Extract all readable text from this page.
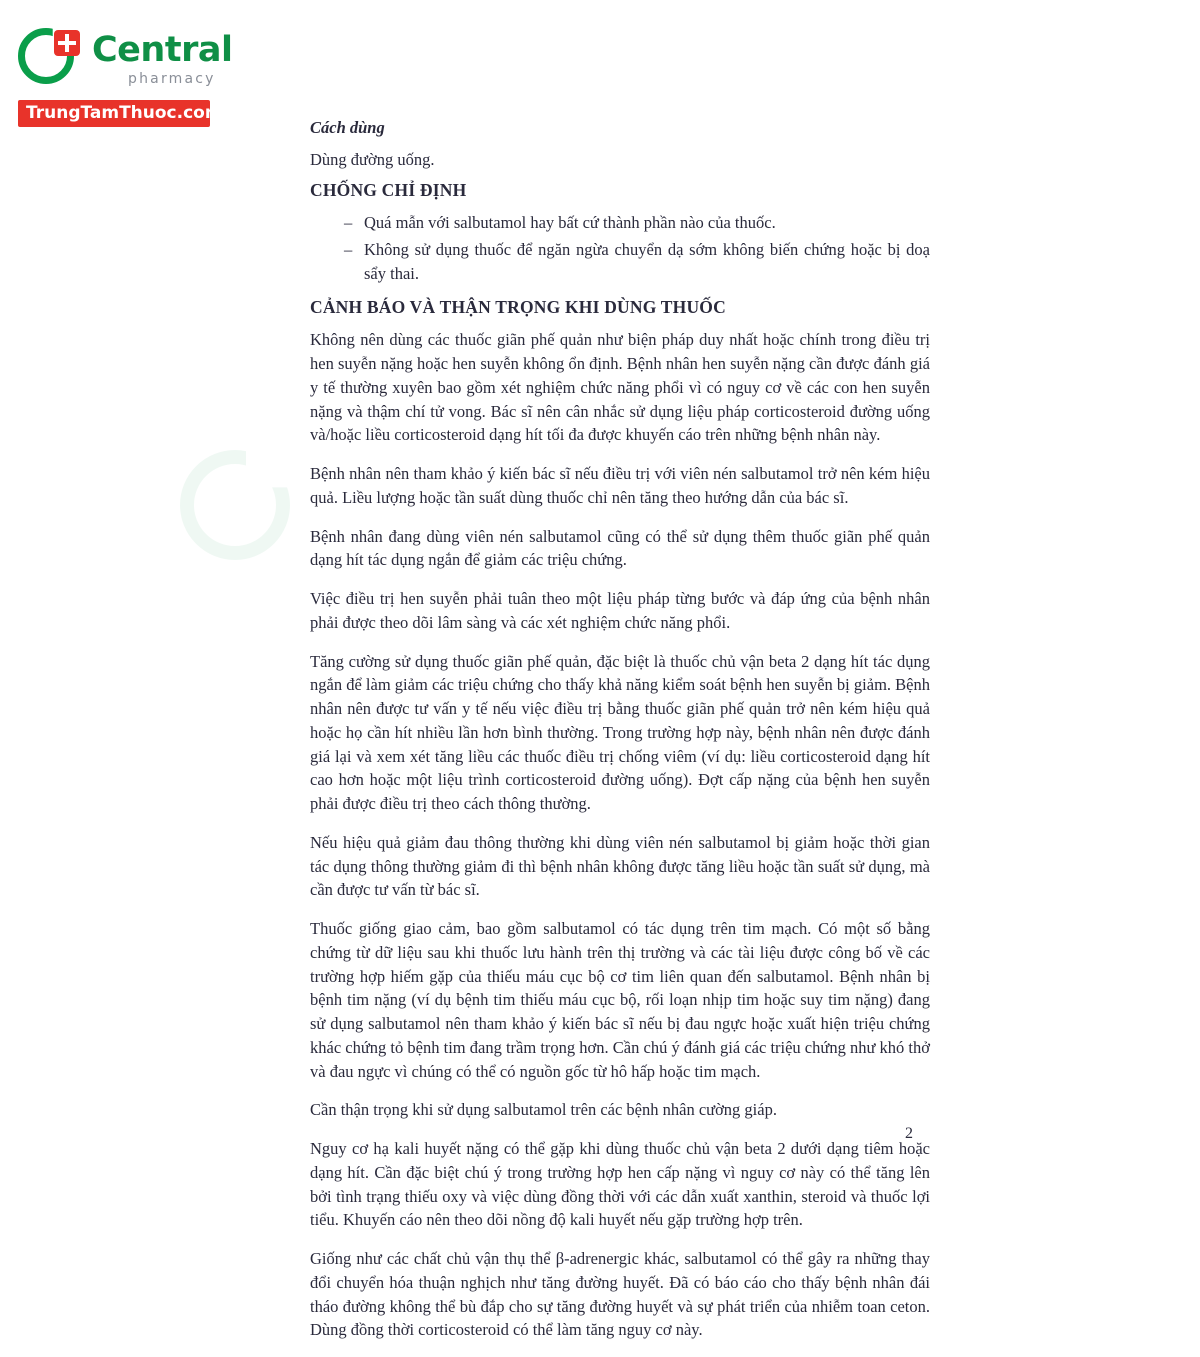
Central
pharmacy
TrungTamThuoc.com
Cách dùng
Dùng đường uống.
CHỐNG CHỈ ĐỊNH
– Quá mẫn với salbutamol hay bất cứ thành phần nào của thuốc.
– Không sử dụng thuốc để ngăn ngừa chuyển dạ sớm không biến chứng hoặc bị doạ sẩy thai.
CẢNH BÁO VÀ THẬN TRỌNG KHI DÙNG THUỐC

Không nên dùng các thuốc giãn phế quản như biện pháp duy nhất hoặc chính trong điều trị hen suyễn nặng hoặc hen suyễn không ổn định. Bệnh nhân hen suyễn nặng cần được đánh giá y tế thường xuyên bao gồm xét nghiệm chức năng phổi vì có nguy cơ về các con hen suyễn nặng và thậm chí tử vong. Bác sĩ nên cân nhắc sử dụng liệu pháp corticosteroid đường uống và/hoặc liều corticosteroid dạng hít tối đa được khuyến cáo trên những bệnh nhân này.

Bệnh nhân nên tham khảo ý kiến bác sĩ nếu điều trị với viên nén salbutamol trở nên kém hiệu quả. Liều lượng hoặc tần suất dùng thuốc chỉ nên tăng theo hướng dẫn của bác sĩ.

Bệnh nhân đang dùng viên nén salbutamol cũng có thể sử dụng thêm thuốc giãn phế quản dạng hít tác dụng ngắn để giảm các triệu chứng.

Việc điều trị hen suyễn phải tuân theo một liệu pháp từng bước và đáp ứng của bệnh nhân phải được theo dõi lâm sàng và các xét nghiệm chức năng phổi.

Tăng cường sử dụng thuốc giãn phế quản, đặc biệt là thuốc chủ vận beta 2 dạng hít tác dụng ngắn để làm giảm các triệu chứng cho thấy khả năng kiểm soát bệnh hen suyễn bị giảm. Bệnh nhân nên được tư vấn y tế nếu việc điều trị bằng thuốc giãn phế quản trở nên kém hiệu quả hoặc họ cần hít nhiều lần hơn bình thường. Trong trường hợp này, bệnh nhân nên được đánh giá lại và xem xét tăng liều các thuốc điều trị chống viêm (ví dụ: liều corticosteroid dạng hít cao hơn hoặc một liệu trình corticosteroid đường uống). Đợt cấp nặng của bệnh hen suyễn phải được điều trị theo cách thông thường.

Nếu hiệu quả giảm đau thông thường khi dùng viên nén salbutamol bị giảm hoặc thời gian tác dụng thông thường giảm đi thì bệnh nhân không được tăng liều hoặc tần suất sử dụng, mà cần được tư vấn từ bác sĩ.

Thuốc giống giao cảm, bao gồm salbutamol có tác dụng trên tim mạch. Có một số bằng chứng từ dữ liệu sau khi thuốc lưu hành trên thị trường và các tài liệu được công bố về các trường hợp hiếm gặp của thiếu máu cục bộ cơ tim liên quan đến salbutamol. Bệnh nhân bị bệnh tim nặng (ví dụ bệnh tim thiếu máu cục bộ, rối loạn nhịp tim hoặc suy tim nặng) đang sử dụng salbutamol nên tham khảo ý kiến bác sĩ nếu bị đau ngực hoặc xuất hiện triệu chứng khác chứng tỏ bệnh tim đang trầm trọng hơn. Cần chú ý đánh giá các triệu chứng như khó thở và đau ngực vì chúng có thể có nguồn gốc từ hô hấp hoặc tim mạch.

Cần thận trọng khi sử dụng salbutamol trên các bệnh nhân cường giáp.

Nguy cơ hạ kali huyết nặng có thể gặp khi dùng thuốc chủ vận beta 2 dưới dạng tiêm hoặc dạng hít. Cần đặc biệt chú ý trong trường hợp hen cấp nặng vì nguy cơ này có thể tăng lên bởi tình trạng thiếu oxy và việc dùng đồng thời với các dẫn xuất xanthin, steroid và thuốc lợi tiểu. Khuyến cáo nên theo dõi nồng độ kali huyết nếu gặp trường hợp trên.

Giống như các chất chủ vận thụ thể β-adrenergic khác, salbutamol có thể gây ra những thay đổi chuyển hóa thuận nghịch như tăng đường huyết. Đã có báo cáo cho thấy bệnh nhân đái tháo đường không thể bù đắp cho sự tăng đường huyết và sự phát triển của nhiễm toan ceton. Dùng đồng thời corticosteroid có thể làm tăng nguy cơ này.

2
